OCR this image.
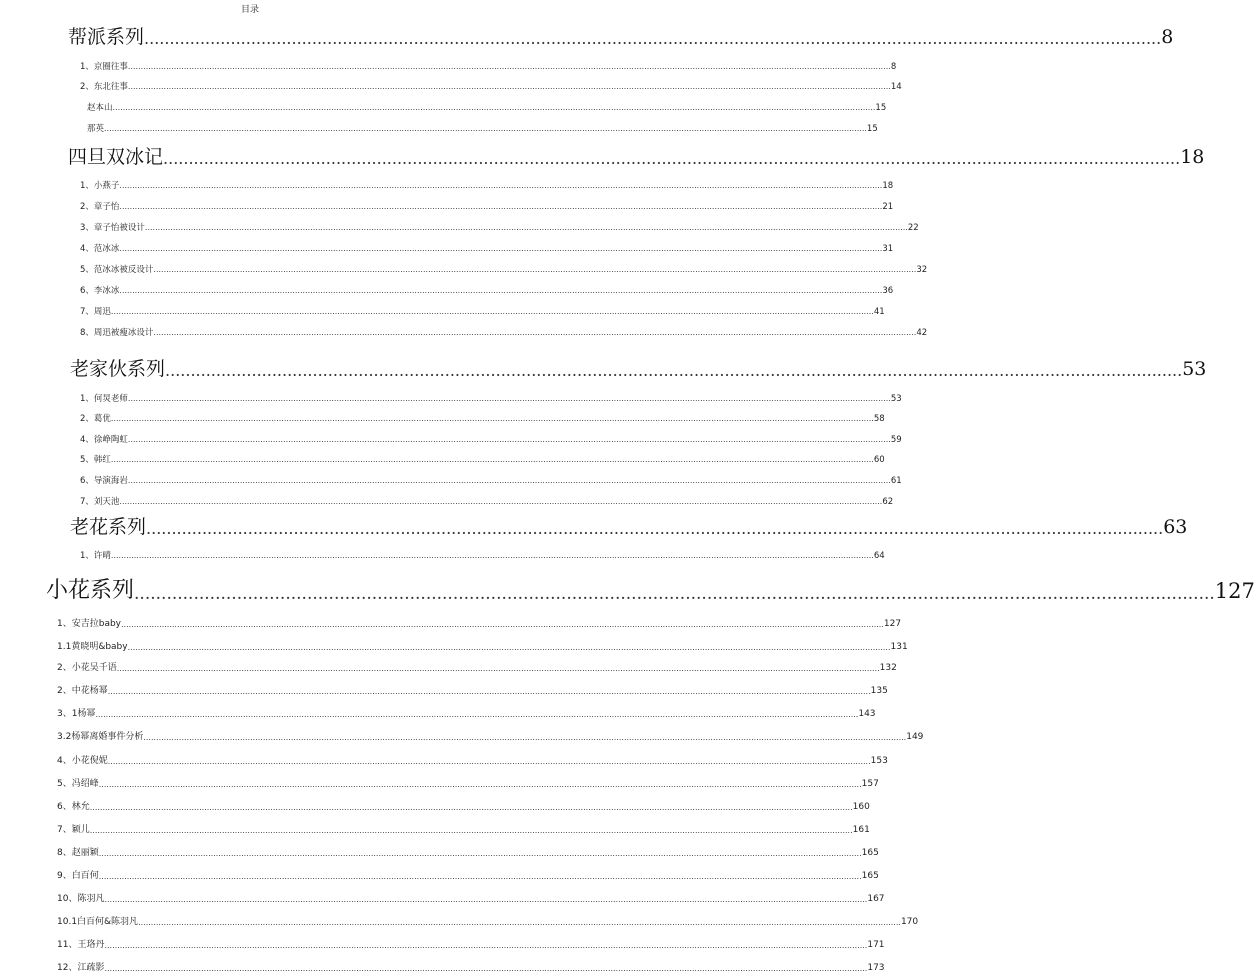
目录
帮派系列 ........................................................................................................................................................................................................ 8
1、京圈往事 ............................................................................................................................................................................................................................................................................................................ 8
2、东北往事 ............................................................................................................................................................................................................................................................................................................ 14
赵本山 ............................................................................................................................................................................................................................................................................................................ 15
那英 ............................................................................................................................................................................................................................................................................................................ 15
四旦双冰记 ........................................................................................................................................................................................................ 18
1、小燕子 ............................................................................................................................................................................................................................................................................................................ 18
2、章子怡 ............................................................................................................................................................................................................................................................................................................ 21
3、章子怡被设计 ............................................................................................................................................................................................................................................................................................................ 22
4、范冰冰 ............................................................................................................................................................................................................................................................................................................ 31
5、范冰冰被反设计 ............................................................................................................................................................................................................................................................................................................ 32
6、李冰冰 ............................................................................................................................................................................................................................................................................................................ 36
7、周迅 ............................................................................................................................................................................................................................................................................................................ 41
8、周迅被瘦冰设计 ............................................................................................................................................................................................................................................................................................................ 42
老家伙系列 ........................................................................................................................................................................................................ 53
1、何炅老师 ............................................................................................................................................................................................................................................................................................................ 53
2、葛优 ............................................................................................................................................................................................................................................................................................................ 58
4、徐峥陶虹 ............................................................................................................................................................................................................................................................................................................ 59
5、韩红 ............................................................................................................................................................................................................................................................................................................ 60
6、导演海岩 ............................................................................................................................................................................................................................................................................................................ 61
7、刘天池 ............................................................................................................................................................................................................................................................................................................ 62
老花系列 ........................................................................................................................................................................................................ 63
1、许晴 ............................................................................................................................................................................................................................................................................................................ 64
小花系列 ........................................................................................................................................................................................................ 127
1、安吉拉baby ............................................................................................................................................................................................................................................................................................................ 127
1.1黄晓明&baby ............................................................................................................................................................................................................................................................................................................ 131
2、小花吴千语 ............................................................................................................................................................................................................................................................................................................ 132
2、中花杨幂 ............................................................................................................................................................................................................................................................................................................ 135
3、1杨幂 ............................................................................................................................................................................................................................................................................................................ 143
3.2杨幂离婚事件分析 ............................................................................................................................................................................................................................................................................................................ 149
4、小花倪妮 ............................................................................................................................................................................................................................................................................................................ 153
5、冯绍峰 ............................................................................................................................................................................................................................................................................................................ 157
6、林允 ............................................................................................................................................................................................................................................................................................................ 160
7、颖儿 ............................................................................................................................................................................................................................................................................................................ 161
8、赵丽颖 ............................................................................................................................................................................................................................................................................................................ 165
9、白百何 ............................................................................................................................................................................................................................................................................................................ 165
10、陈羽凡 ............................................................................................................................................................................................................................................................................................................ 167
10.1白百何&陈羽凡 ............................................................................................................................................................................................................................................................................................................ 170
11、王珞丹 ............................................................................................................................................................................................................................................................................................................ 171
12、江疏影 ............................................................................................................................................................................................................................................................................................................ 173
